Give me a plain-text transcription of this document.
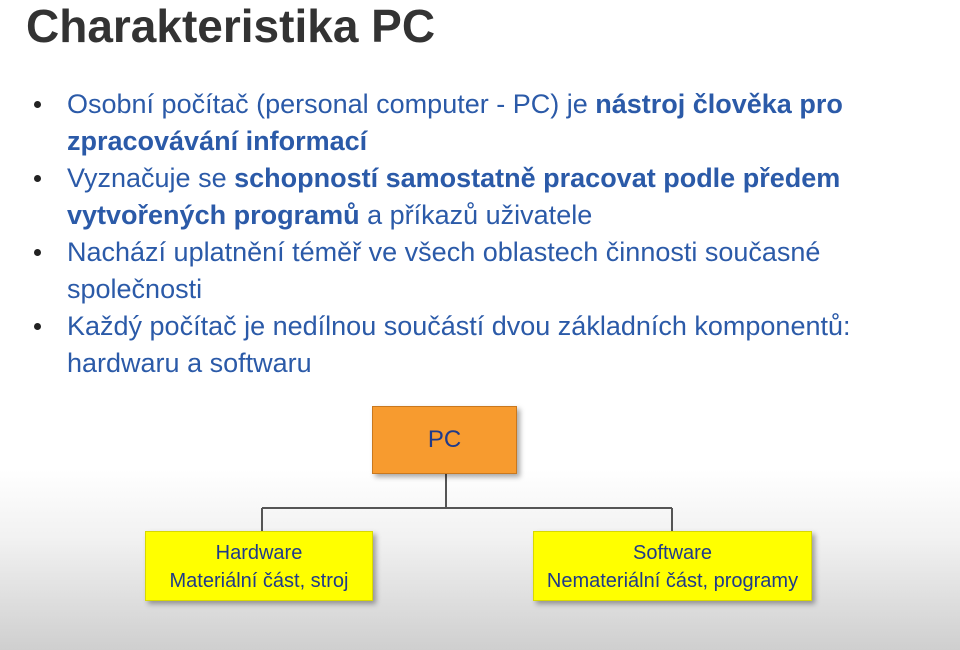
Charakteristika PC
Osobní počítač (personal computer - PC) je nástroj člověka pro zpracovávání informací
Vyznačuje se schopností samostatně pracovat podle předem vytvořených programů a příkazů uživatele
Nachází uplatnění téměř ve všech oblastech činnosti současné společnosti
Každý počítač je nedílnou součástí dvou základních komponentů: hardwaru a softwaru
PC
Hardware
Materiální část, stroj
Software
Nemateriální část, programy
